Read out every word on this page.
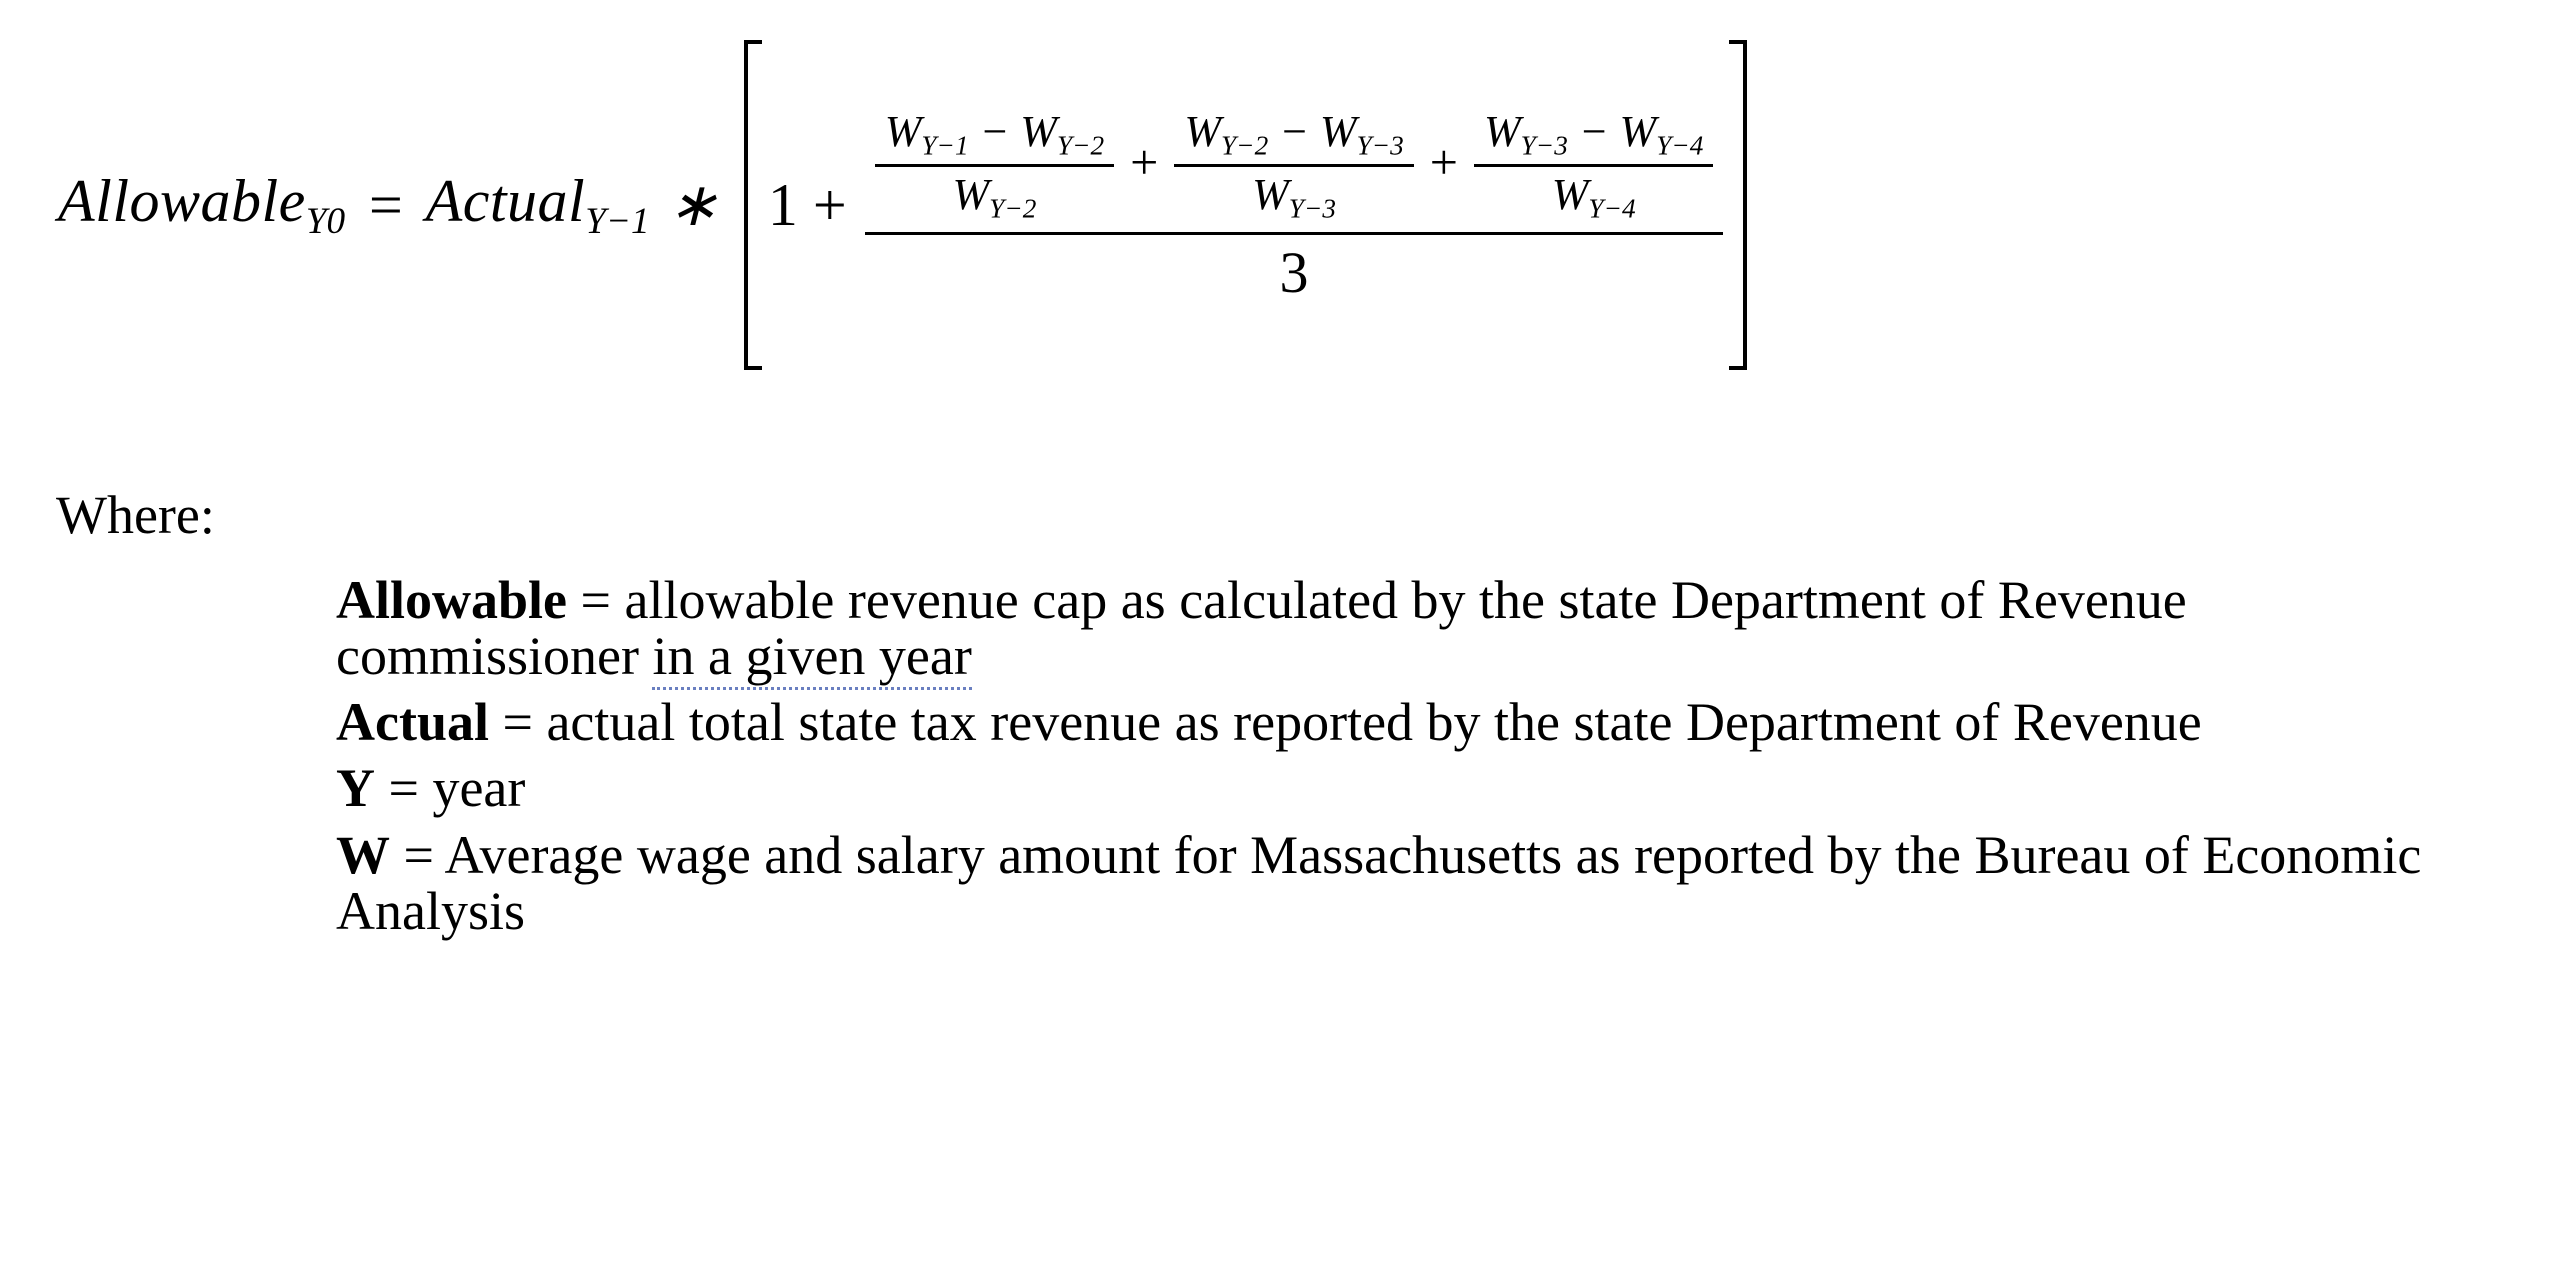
Allowable$_{Y0}$ = Actual$_{Y-1}$ ∗ $1 + \frac{W_{Y-1} - W_{Y-2}}{W_{Y-2}} + \frac{W_{Y-2} - W_{Y-3}}{W_{Y-3}} + \frac{W_{Y-3} - W_{Y-4}}{W_{Y-4}}$
3
Where:

Allowable = allowable revenue cap as calculated by the state Department of Revenue commissioner in a given year

Actual = actual total state tax revenue as reported by the state Department of Revenue

Y = year

W = Average wage and salary amount for Massachusetts as reported by the Bureau of Economic Analysis
